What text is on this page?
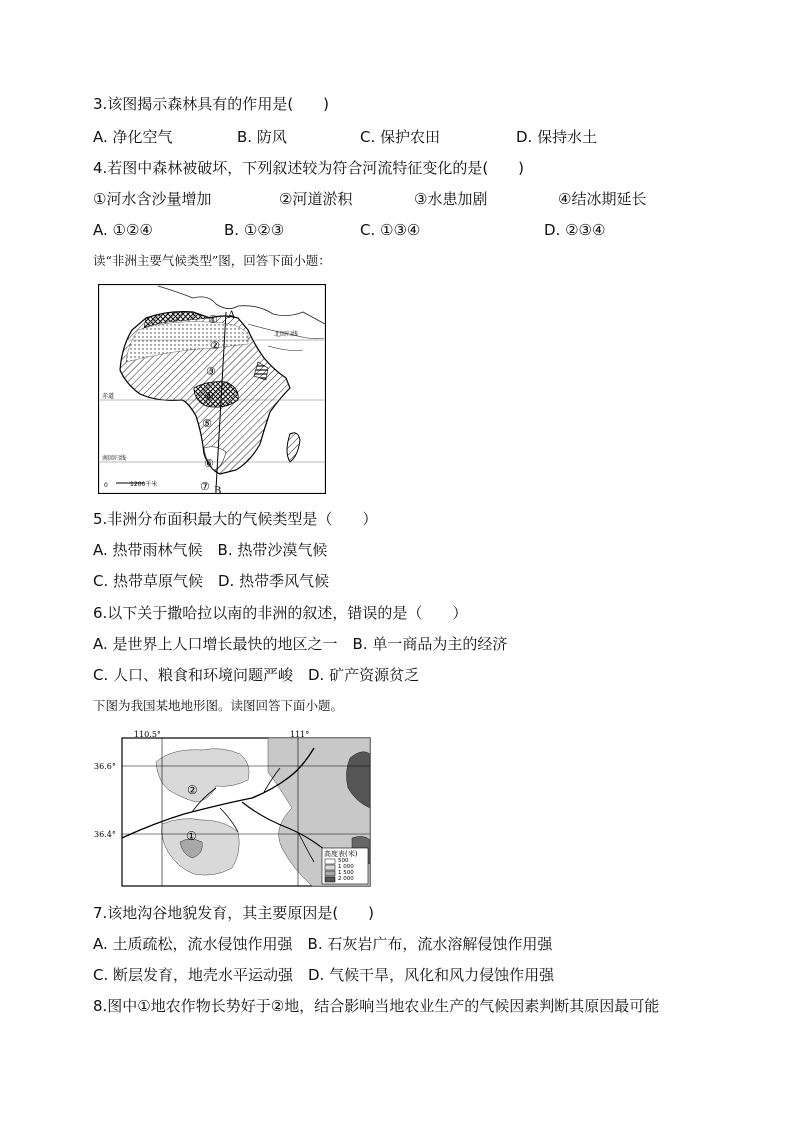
3.该图揭示森林具有的作用是(　　)
A. 净化空气	B. 防风	C. 保护农田	D. 保持水土
4.若图中森林被破坏，下列叙述较为符合河流特征变化的是(　　)
①河水含沙量增加	②河道淤积	③水患加剧	④结冰期延长
A. ①②④	B. ①②③	C. ①③④	D. ②③④
读“非洲主要气候类型”图，回答下面小题：
0	1200千米
北回归线
赤道
南回归线
A
B
①
②
③
④
⑤
⑥
⑦
5.非洲分布面积最大的气候类型是（　　）
A. 热带雨林气候　B. 热带沙漠气候
C. 热带草原气候　D. 热带季风气候
6.以下关于撒哈拉以南的非洲的叙述，错误的是（　　）
A. 是世界上人口增长最快的地区之一　B. 单一商品为主的经济
C. 人口、粮食和环境问题严峻　D. 矿产资源贫乏
下图为我国某地地形图。读图回答下面小题。
110.5°	111°
36.6°
36.4°
②
①
高度表(米)
500
1 000
1 500
2 000
7.该地沟谷地貌发育，其主要原因是(　　)
A. 土质疏松，流水侵蚀作用强　B. 石灰岩广布，流水溶解侵蚀作用强
C. 断层发育，地壳水平运动强　D. 气候干旱，风化和风力侵蚀作用强
8.图中①地农作物长势好于②地，结合影响当地农业生产的气候因素判断其原因最可能
